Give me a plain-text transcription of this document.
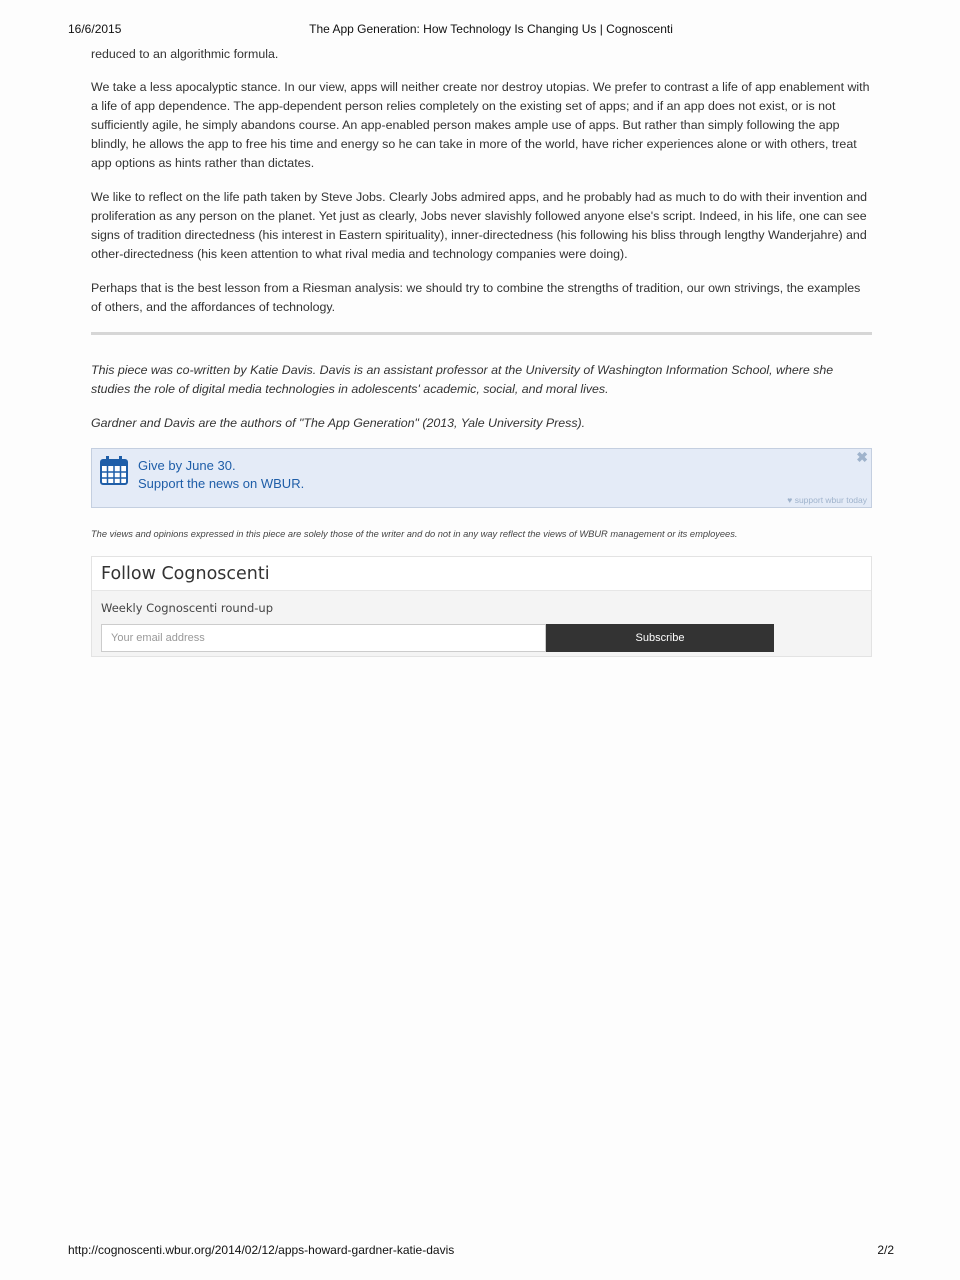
16/6/2015	The App Generation: How Technology Is Changing Us | Cognoscenti

reduced to an algorithmic formula.

We take a less apocalyptic stance. In our view, apps will neither create nor destroy utopias. We prefer to contrast a life of app enablement with a life of app dependence. The app-dependent person relies completely on the existing set of apps; and if an app does not exist, or is not sufficiently agile, he simply abandons course. An app-enabled person makes ample use of apps. But rather than simply following the app blindly, he allows the app to free his time and energy so he can take in more of the world, have richer experiences alone or with others, treat app options as hints rather than dictates.

We like to reflect on the life path taken by Steve Jobs. Clearly Jobs admired apps, and he probably had as much to do with their invention and proliferation as any person on the planet. Yet just as clearly, Jobs never slavishly followed anyone else's script. Indeed, in his life, one can see signs of tradition directedness (his interest in Eastern spirituality), inner-directedness (his following his bliss through lengthy Wanderjahre) and other-directedness (his keen attention to what rival media and technology companies were doing).

Perhaps that is the best lesson from a Riesman analysis: we should try to combine the strengths of tradition, our own strivings, the examples of others, and the affordances of technology.

This piece was co-written by Katie Davis. Davis is an assistant professor at the University of Washington Information School, where she studies the role of digital media technologies in adolescents' academic, social, and moral lives.

Gardner and Davis are the authors of "The App Generation" (2013, Yale University Press).

Give by June 30.
Support the news on WBUR.
✖
♥ support wbur today

The views and opinions expressed in this piece are solely those of the writer and do not in any way reflect the views of WBUR management or its employees.

Follow Cognoscenti
Weekly Cognoscenti round-up
Your email address	Subscribe
http://cognoscenti.wbur.org/2014/02/12/apps-howard-gardner-katie-davis	2/2
